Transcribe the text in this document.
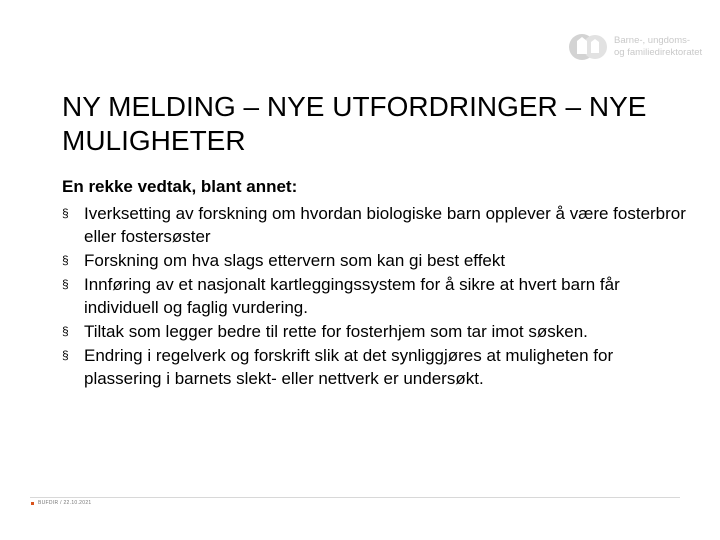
Barne-, ungdoms-
og familiedirektoratet
NY MELDING – NYE UTFORDRINGER – NYE MULIGHETER
En rekke vedtak, blant annet:
§ Iverksetting av forskning om hvordan biologiske barn opplever å være fosterbror eller fostersøster
§ Forskning om hva slags ettervern som kan gi best effekt
§ Innføring av et nasjonalt kartleggingssystem for å sikre at hvert barn får individuell og faglig vurdering.
§ Tiltak som legger bedre til rette for fosterhjem som tar imot søsken.
§ Endring i regelverk og forskrift slik at det synliggjøres at muligheten for plassering i barnets slekt- eller nettverk er undersøkt.
BUFDIR / 22.10.2021
